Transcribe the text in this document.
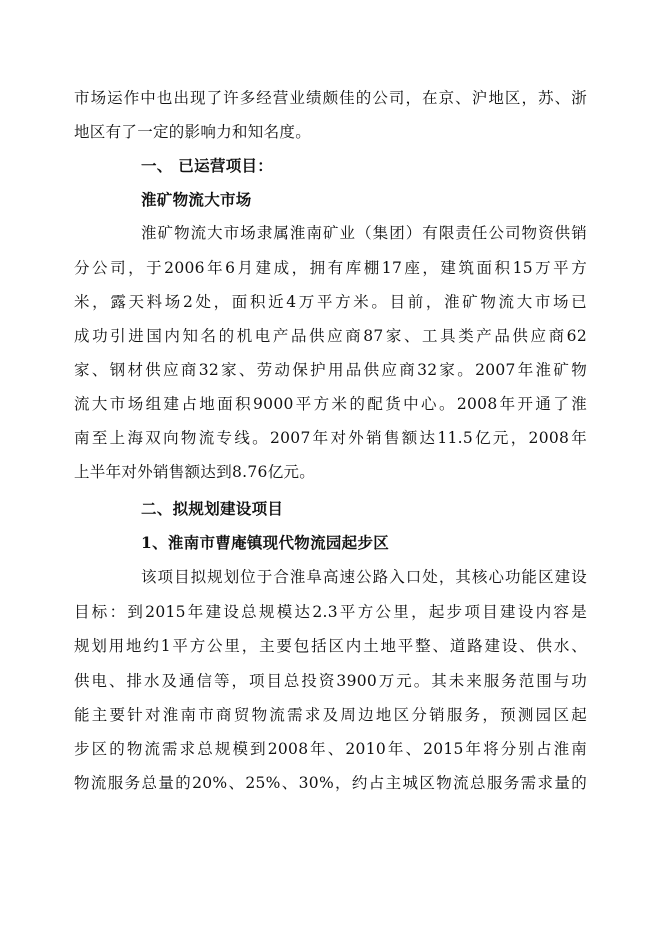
市场运作中也出现了许多经营业绩颇佳的公司，在京、沪地区，苏、浙
地区有了一定的影响力和知名度。
一、 已运营项目：
淮矿物流大市场
淮矿物流大市场隶属淮南矿业（集团）有限责任公司物资供销
分公司，于2006年6月建成，拥有库棚17座，建筑面积15万平方
米，露天料场2处，面积近4万平方米。目前，淮矿物流大市场已
成功引进国内知名的机电产品供应商87家、工具类产品供应商62
家、钢材供应商32家、劳动保护用品供应商32家。2007年淮矿物
流大市场组建占地面积9000平方米的配货中心。2008年开通了淮
南至上海双向物流专线。2007年对外销售额达11.5亿元，2008年
上半年对外销售额达到8.76亿元。
二、拟规划建设项目
1、淮南市曹庵镇现代物流园起步区
该项目拟规划位于合淮阜高速公路入口处，其核心功能区建设
目标：到2015年建设总规模达2.3平方公里，起步项目建设内容是
规划用地约1平方公里，主要包括区内土地平整、道路建设、供水、
供电、排水及通信等，项目总投资3900万元。其未来服务范围与功
能主要针对淮南市商贸物流需求及周边地区分销服务，预测园区起
步区的物流需求总规模到2008年、2010年、2015年将分别占淮南
物流服务总量的20%、25%、30%，约占主城区物流总服务需求量的
